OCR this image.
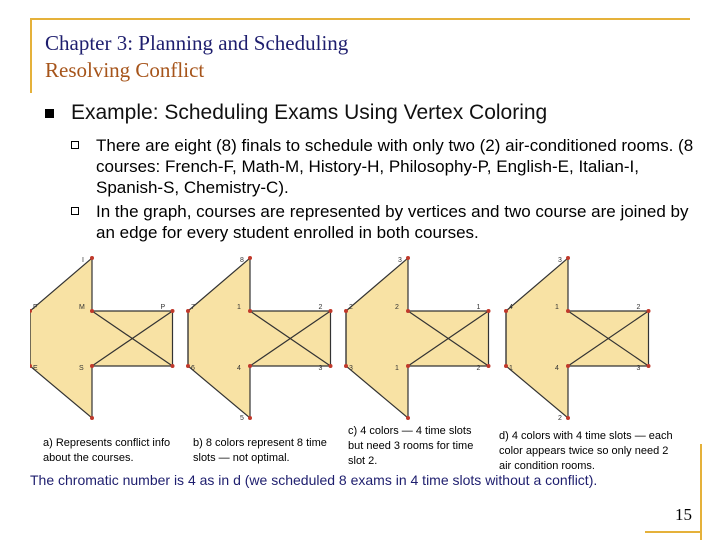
Chapter 3: Planning and Scheduling
Resolving Conflict
Example: Scheduling Exams Using Vertex Coloring
There are eight (8) finals to schedule with only two (2) air-conditioned rooms. (8 courses: French-F, Math-M, History-H, Philosophy-P, English-E, Italian-I, Spanish-S, Chemistry-C).
In the graph, courses are represented by vertices and two course are joined by an edge for every student enrolled in both courses.
I
F	M	P
E	S
8
7	1	2
6	4	3
5
3
2	2	1
3	1	2
3
4	1	2
1	4	3
2
a) Represents conflict info about the courses.
b) 8 colors represent 8 time slots — not optimal.
c) 4 colors — 4 time slots but need 3 rooms for time slot 2.
d) 4 colors with 4 time slots — each color appears twice so only need 2 air condition rooms.
The chromatic number is 4 as in d (we scheduled 8 exams in 4 time slots without a conflict).
15
